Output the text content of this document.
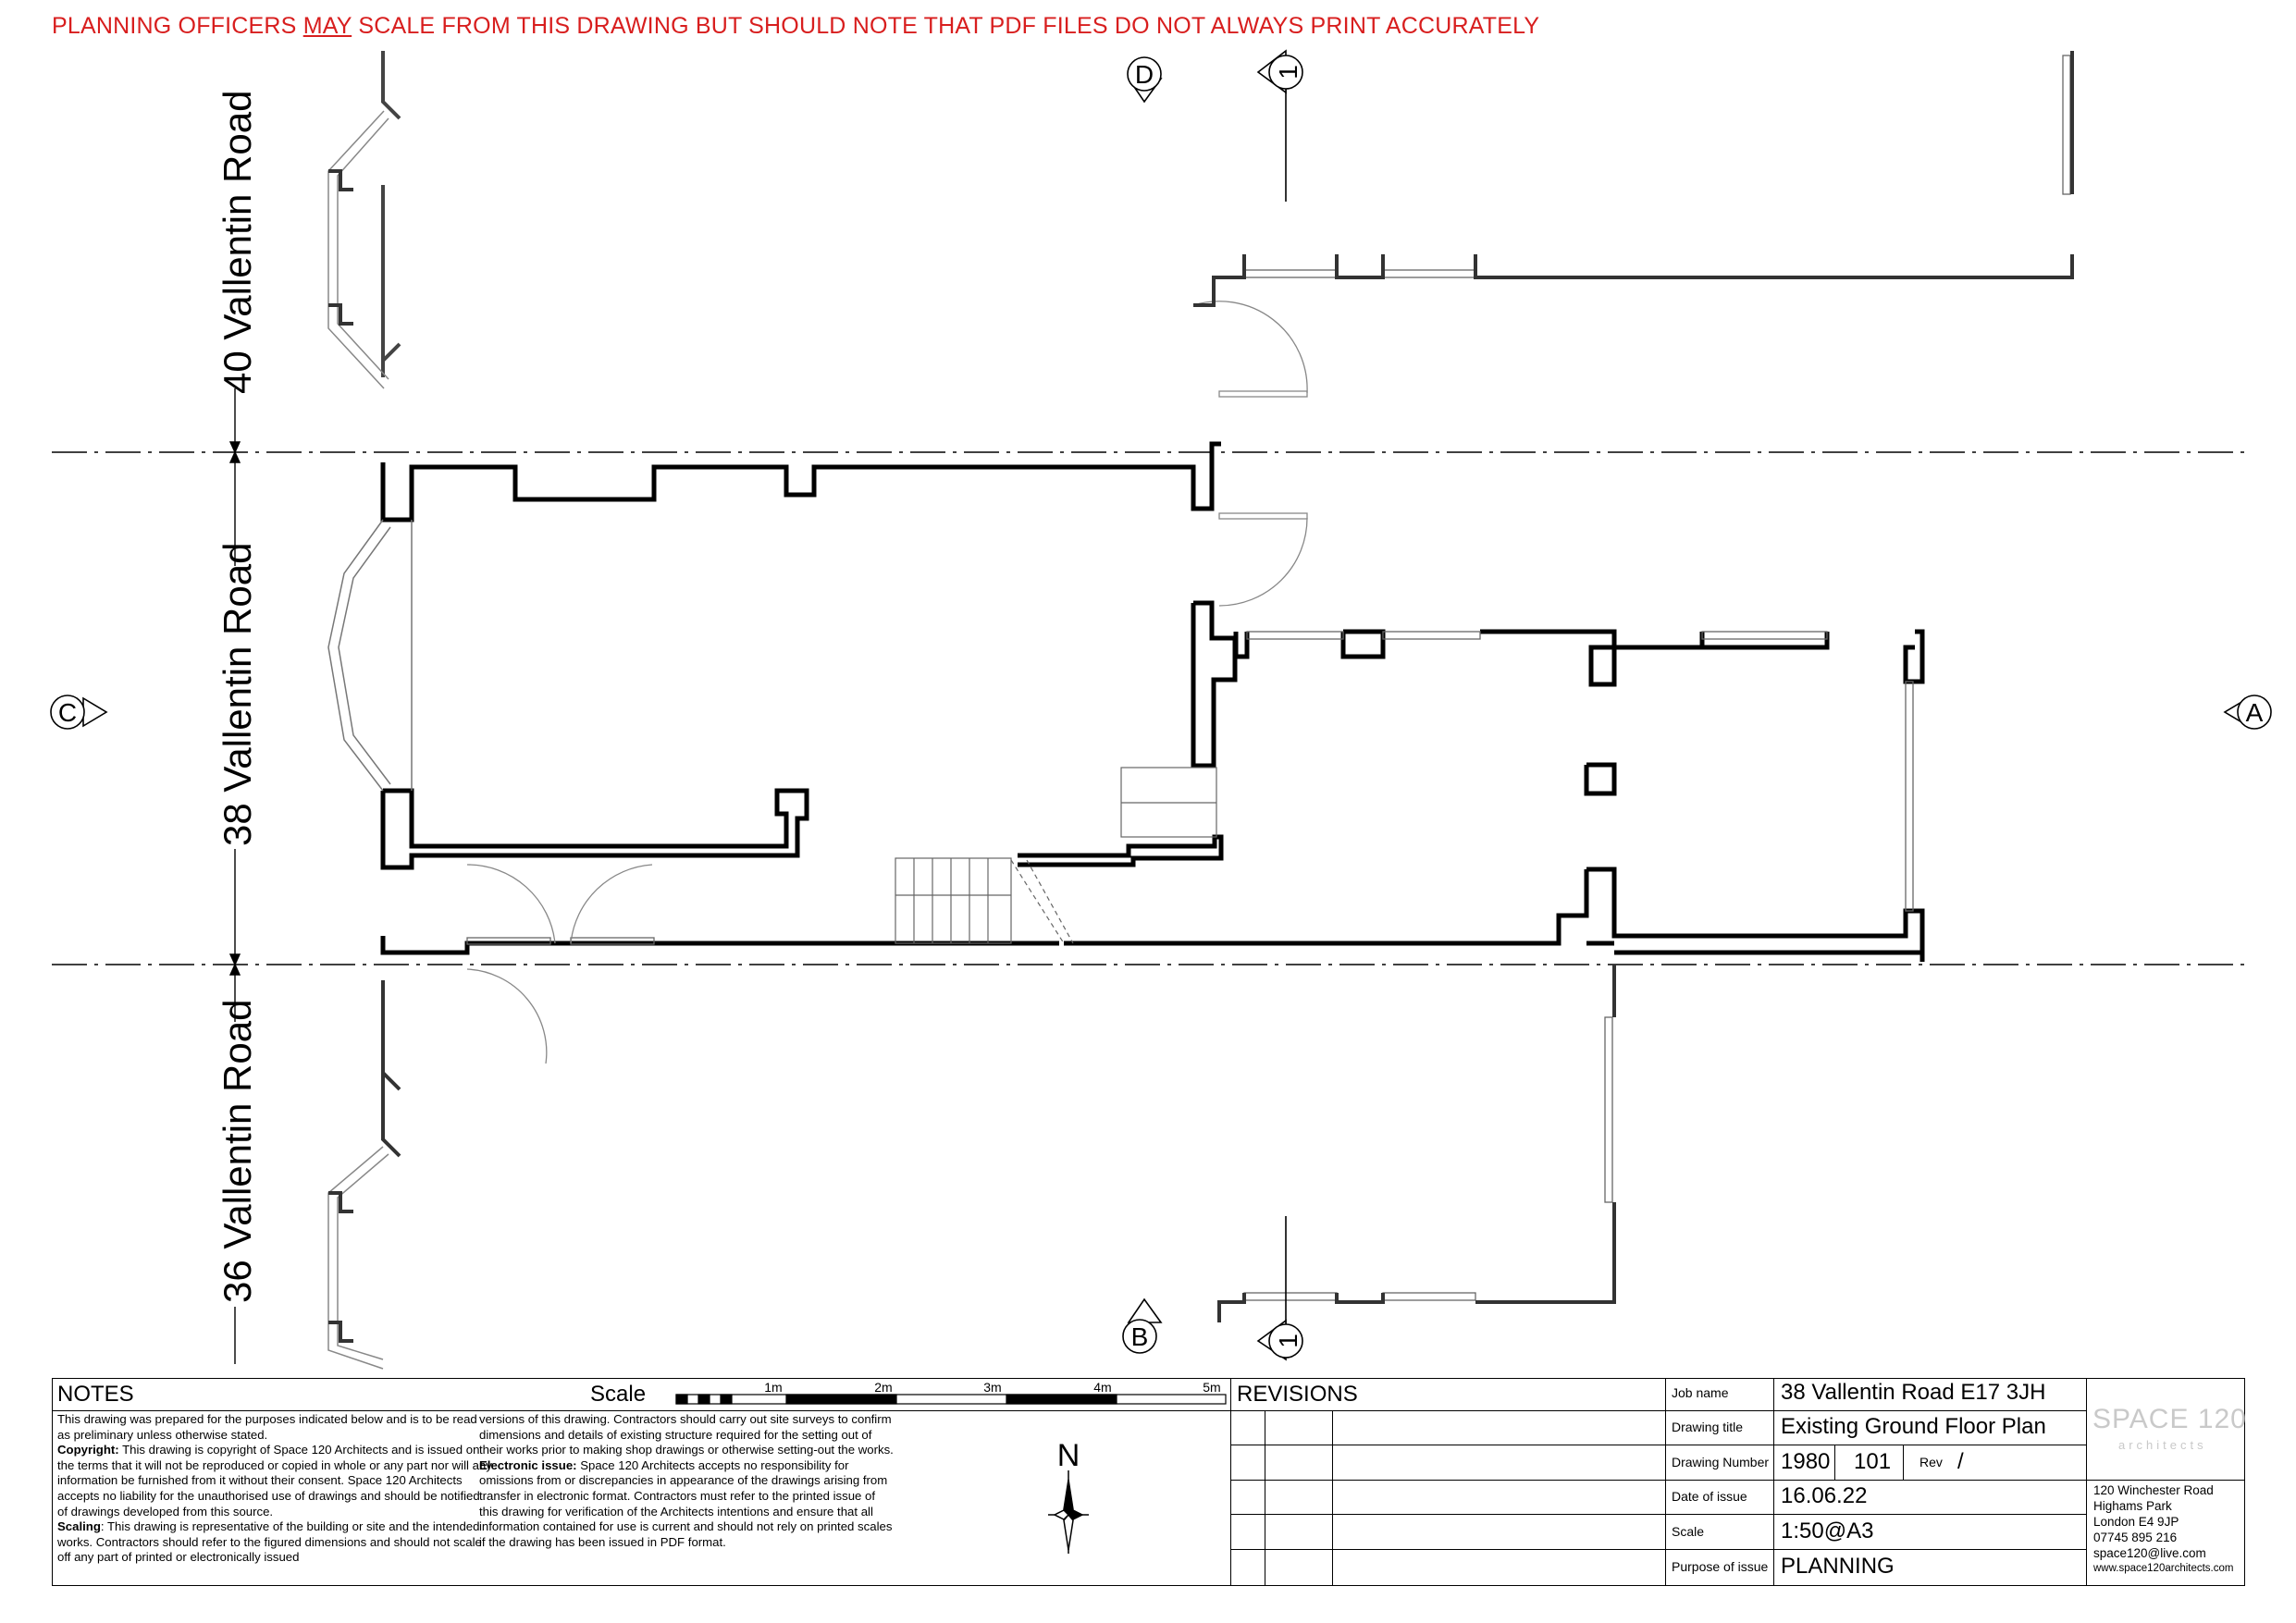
PLANNING OFFICERS MAY SCALE FROM THIS DRAWING BUT SHOULD NOTE THAT PDF FILES DO NOT ALWAYS PRINT ACCURATELY
D	1
C	A
B	1
1m	2m	3m	4m	5m
N
40 Vallentin Road
38 Vallentin Road
36 Vallentin Road
NOTES	Scale
This drawing was prepared for the purposes indicated below and is to be read as preliminary unless otherwise stated.
Copyright: This drawing is copyright of Space 120 Architects and is issued on the terms that it will not be reproduced or copied in whole or any part nor will any information be furnished from it without their consent. Space 120 Architects accepts no liability for the unauthorised use of drawings and should be notified of drawings developed from this source.
Scaling: This drawing is representative of the building or site and the intended works. Contractors should refer to the figured dimensions and should not scale off any part of printed or electronically issued
versions of this drawing. Contractors should carry out site surveys to confirm dimensions and details of existing structure required for the setting out of their works prior to making shop drawings or otherwise setting-out the works.
Electronic issue: Space 120 Architects accepts no responsibility for omissions from or discrepancies in appearance of the drawings arising from transfer in electronic format. Contractors must refer to the printed issue of this drawing for verification of the Architects intentions and ensure that all information contained for use is current and should not rely on printed scales if the drawing has been issued in PDF format.
REVISIONS	Job name 38 Vallentin Road E17 3JH
Drawing title Existing Ground Floor Plan
Drawing Number 1980 101 Rev /
Date of issue 16.06.22
Scale	1:50@A3
Purpose of issue PLANNING
SPACE 120
architects
120 Winchester Road
Highams Park
London E4 9JP
07745 895 216
space120@live.com
www.space120architects.com
